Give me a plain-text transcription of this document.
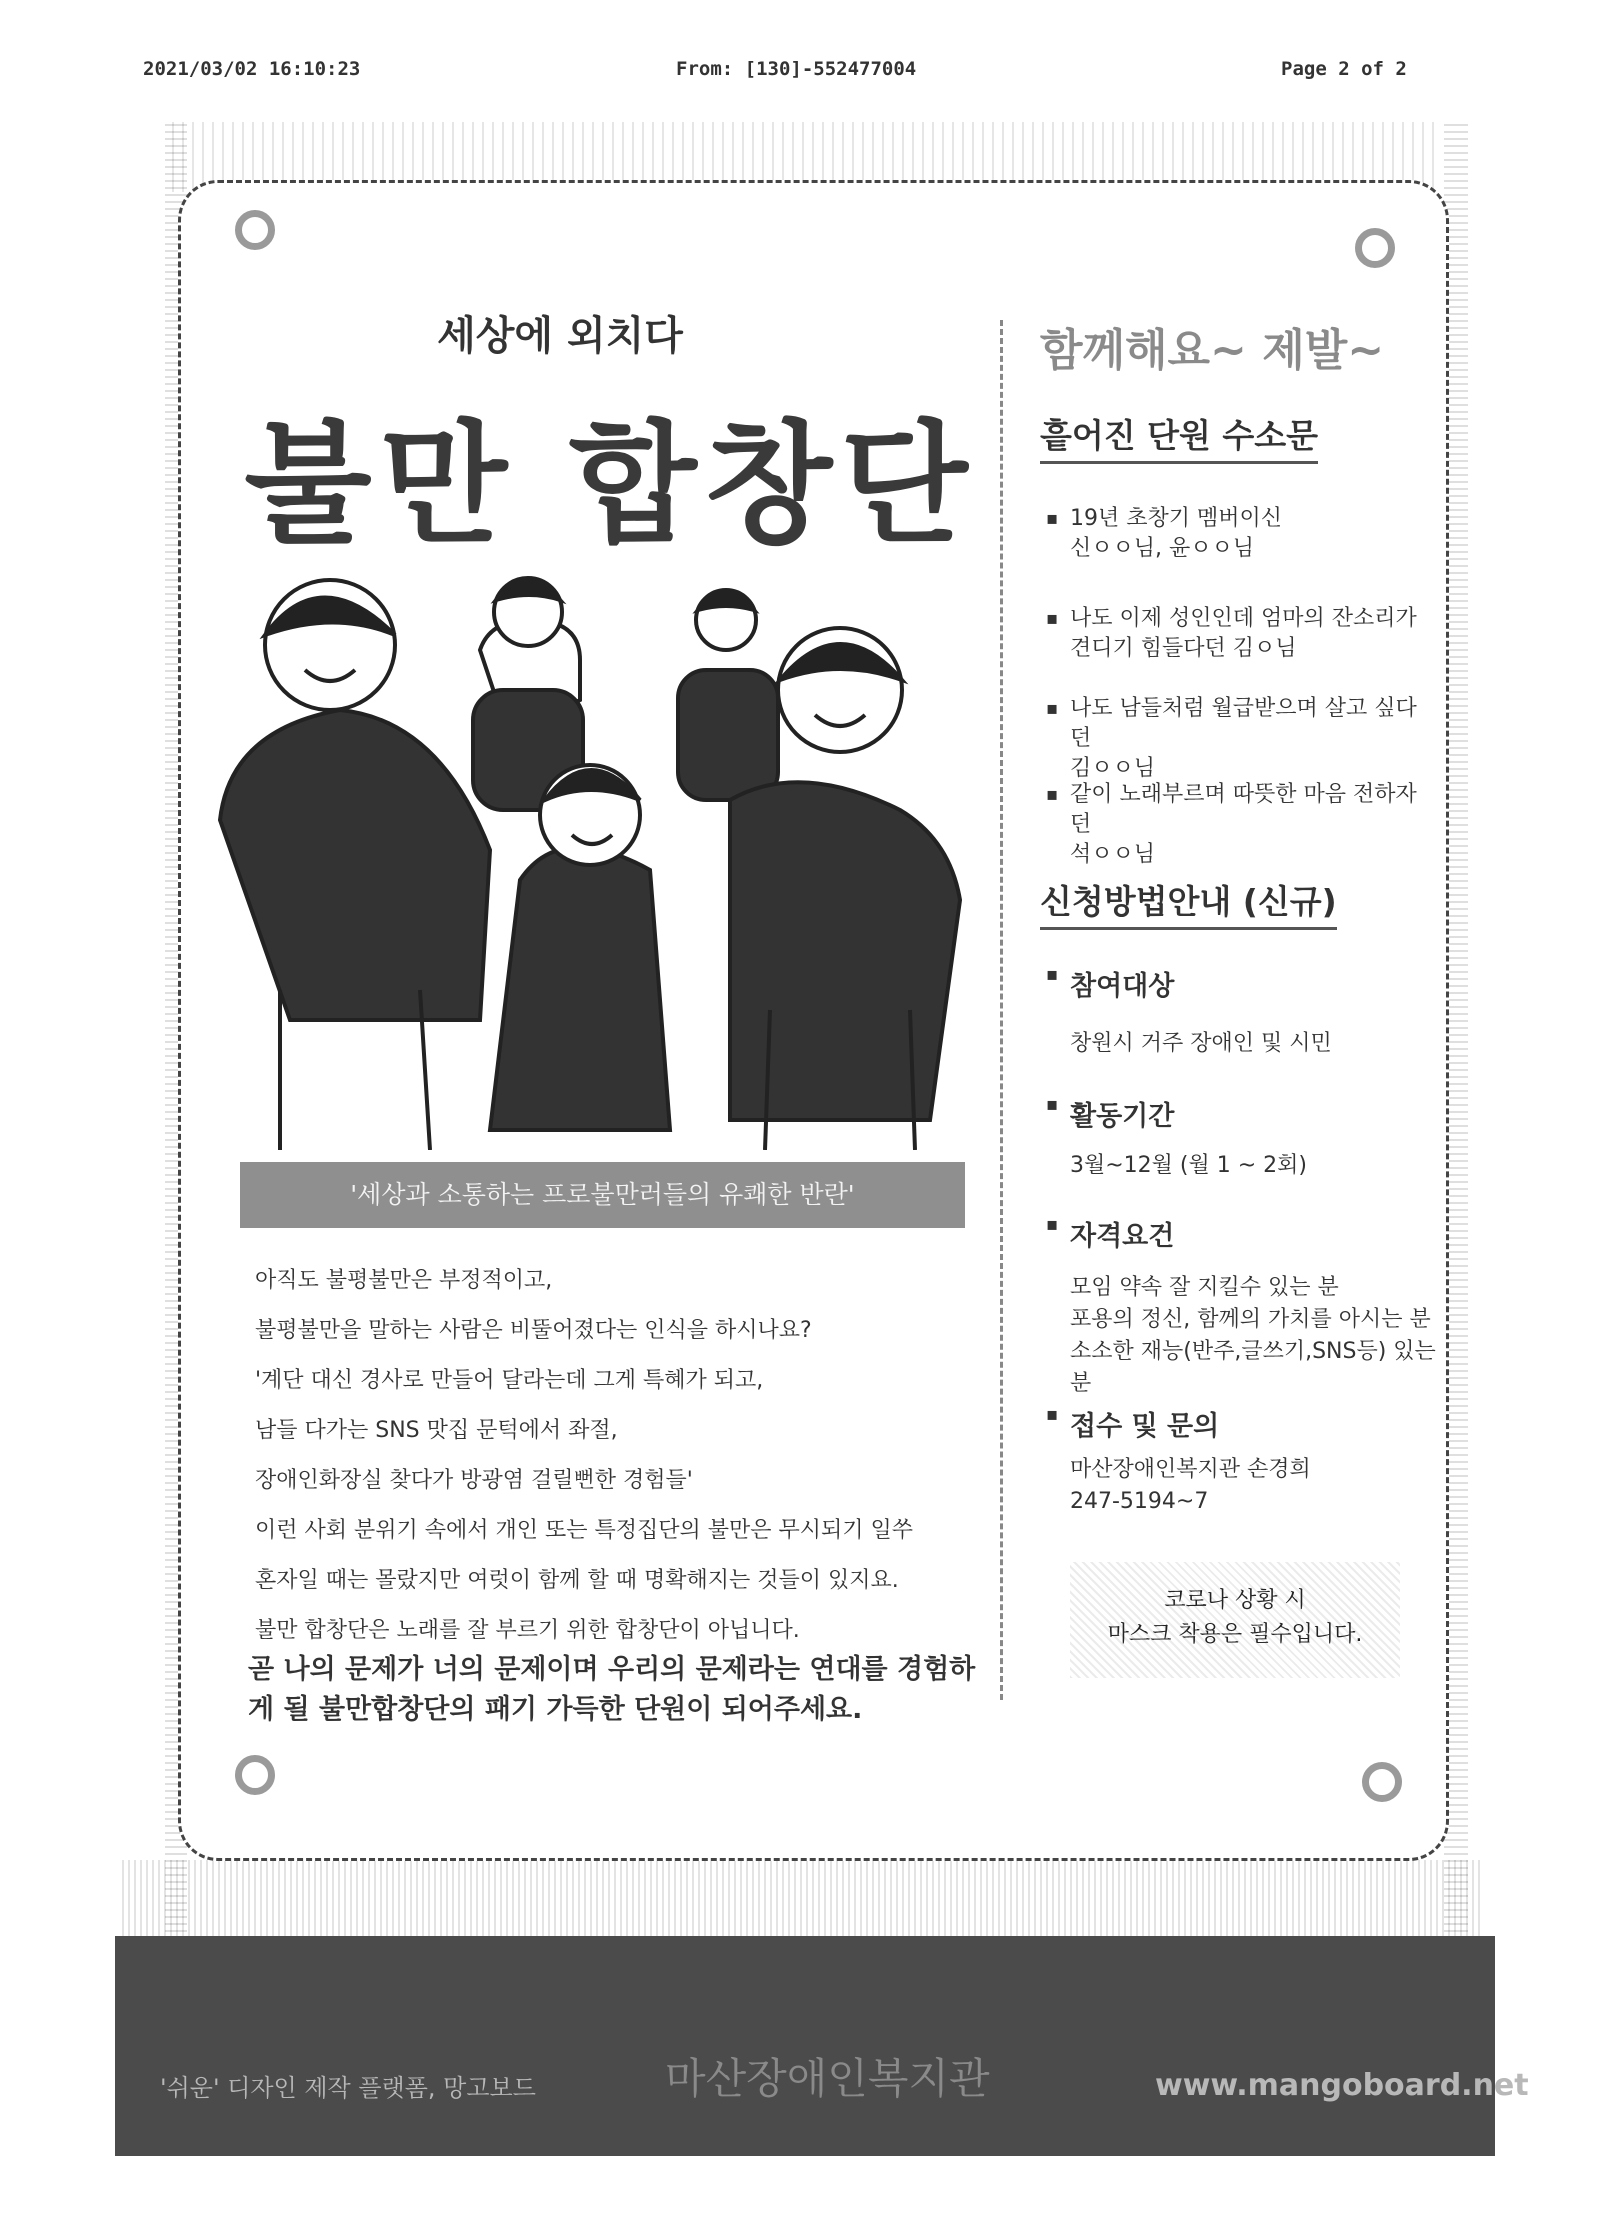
2021/03/02 16:10:23	From: [130]-552477004	Page 2 of 2
세상에 외치다
불만 합창단
'세상과 소통하는 프로불만러들의 유쾌한 반란'

아직도 불평불만은 부정적이고,

불평불만을 말하는 사람은 비뚤어졌다는 인식을 하시나요?

'계단 대신 경사로 만들어 달라는데 그게 특혜가 되고,

남들 다가는 SNS 맛집 문턱에서 좌절,

장애인화장실 찾다가 방광염 걸릴뻔한 경험들'

이런 사회 분위기 속에서 개인 또는 특정집단의 불만은 무시되기 일쑤

혼자일 때는 몰랐지만 여럿이 함께 할 때 명확해지는 것들이 있지요.

불만 합창단은 노래를 잘 부르기 위한 합창단이 아닙니다.

곧 나의 문제가 너의 문제이며 우리의 문제라는 연대를 경험하게 될 불만합창단의 패기 가득한 단원이 되어주세요.
함께해요~ 제발~
흩어진 단원 수소문
▪ 19년 초창기 멤버이신
신ㅇㅇ님, 윤ㅇㅇ님
▪ 나도 이제 성인인데 엄마의 잔소리가
견디기 힘들다던 김ㅇ님
▪ 나도 남들처럼 월급받으며 살고 싶다던
김ㅇㅇ님
▪ 같이 노래부르며 따뜻한 마음 전하자던
석ㅇㅇ님
신청방법안내 (신규)
▪ 참여대상
창원시 거주 장애인 및 시민
▪ 활동기간
3월~12월 (월 1 ~ 2회)
▪ 자격요건
모임 약속 잘 지킬수 있는 분
포용의 정신, 함께의 가치를 아시는 분
소소한 재능(반주,글쓰기,SNS등) 있는 분
▪ 접수 및 문의
마산장애인복지관 손경희
247-5194~7
코로나 상황 시
마스크 착용은 필수입니다.
'쉬운' 디자인 제작 플랫폼, 망고보드	마산장애인복지관	www.mangoboard.net
